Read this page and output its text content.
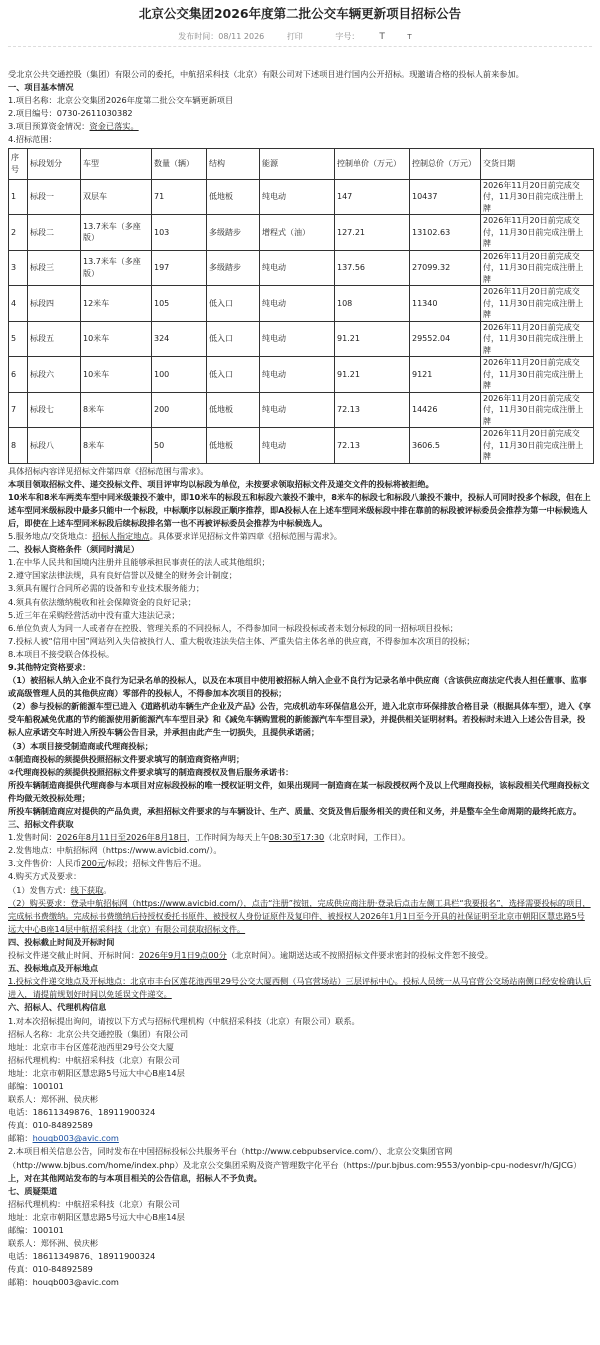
北京公交集团2026年度第二批公交车辆更新项目招标公告
发布时间：08/11 2026	打印	字号： T	T

受北京公共交通控股（集团）有限公司的委托，中航招采科技（北京）有限公司对下述项目进行国内公开招标。现邀请合格的投标人前来参加。

一、项目基本情况

1.项目名称：北京公交集团2026年度第二批公交车辆更新项目

2.项目编号：0730-2611030382

3.项目预算资金情况：资金已落实。

4.招标范围：

序号	标段划分	车型	数量（辆）	结构	能源	控制单价（万元）	控制总价（万元）	交货日期
1	标段一	双层车	71	低地板	纯电动	147	10437	2026年11月20日前完成交付，11月30日前完成注册上牌
2	标段二	13.7米车（多座版）	103	多级踏步	增程式（油）	127.21	13102.63	2026年11月20日前完成交付，11月30日前完成注册上牌
3	标段三	13.7米车（多座版）	197	多级踏步	纯电动	137.56	27099.32	2026年11月20日前完成交付，11月30日前完成注册上牌
4	标段四	12米车	105	低入口	纯电动	108	11340	2026年11月20日前完成交付，11月30日前完成注册上牌
5	标段五	10米车	324	低入口	纯电动	91.21	29552.04	2026年11月20日前完成交付，11月30日前完成注册上牌
6	标段六	10米车	100	低入口	纯电动	91.21	9121	2026年11月20日前完成交付，11月30日前完成注册上牌
7	标段七	8米车	200	低地板	纯电动	72.13	14426	2026年11月20日前完成交付，11月30日前完成注册上牌
8	标段八	8米车	50	低地板	纯电动	72.13	3606.5	2026年11月20日前完成交付，11月30日前完成注册上牌

具体招标内容详见招标文件第四章《招标范围与需求》。

本项目领取招标文件、递交投标文件、项目评审均以标段为单位，未按要求领取招标文件及递交文件的投标将被拒绝。

10米车和8米车两类车型中同米级兼投不兼中，即10米车的标段五和标段六兼投不兼中，8米车的标段七和标段八兼投不兼中，投标人可同时投多个标段，但在上述车型同米级标段中最多只能中一个标段，中标顺序以标段正顺序推荐，即A投标人在上述车型同米级标段中排在靠前的标段被评标委员会推荐为第一中标候选人后，即使在上述车型同米标段后续标段排名第一也不再被评标委员会推荐为中标候选人。

5.服务地点/交货地点：招标人指定地点。具体要求详见招标文件第四章《招标范围与需求》。

二、投标人资格条件（须同时满足）

1.在中华人民共和国境内注册并且能够承担民事责任的法人或其他组织；

2.遵守国家法律法规，具有良好信誉以及健全的财务会计制度；

3.须具有履行合同所必需的设备和专业技术服务能力；

4.须具有依法缴纳税收和社会保障资金的良好记录；

5.近三年在采购经营活动中没有重大违法记录；

6.单位负责人为同一人或者存在控股、管理关系的不同投标人，不得参加同一标段投标或者未划分标段的同一招标项目投标；

7.投标人被“信用中国”网站列入失信被执行人、重大税收违法失信主体、严重失信主体名单的供应商，不得参加本次项目的投标；

8.本项目不接受联合体投标。

9.其他特定资格要求：

（1）被招标人纳入企业不良行为记录名单的投标人，以及在本项目中使用被招标人纳入企业不良行为记录名单中供应商（含该供应商法定代表人担任董事、监事或高级管理人员的其他供应商）零部件的投标人，不得参加本次项目的投标；

（2）参与投标的新能源车型已进入《道路机动车辆生产企业及产品》公告，完成机动车环保信息公开，进入北京市环保排放合格目录（根据具体车型），进入《享受车船税减免优惠的节约能源使用新能源汽车车型目录》和《减免车辆购置税的新能源汽车车型目录》，并提供相关证明材料。若投标时未进入上述公告目录，投标人应承诺交车时进入所投车辆公告目录，并承担由此产生一切损失，且提供承诺函；

（3）本项目接受制造商或代理商投标；

①制造商投标的须提供投照招标文件要求填写的制造商资格声明；

②代理商投标的须提供投照招标文件要求填写的制造商授权及售后服务承诺书：

所投车辆制造商提供代理商参与本项目对应标段投标的唯一授权证明文件，如果出现同一制造商在某一标段授权两个及以上代理商投标，该标段相关代理商投标文件均做无效投标处理；

所投车辆制造商应对提供的产品负责，承担招标文件要求的与车辆设计、生产、质量、交货及售后服务相关的责任和义务，并是整车全生命周期的最终托底方。

三、招标文件获取

1.发售时间：2026年8月11日至2026年8月18日，工作时间为每天上午08:30至17:30（北京时间，工作日）。

2.发售地点：中航招标网（https://www.avicbid.com/）。

3.文件售价：人民币200元/标段；招标文件售后不退。

4.购买方式及要求：

（1）发售方式：线下获取。

（2）购买要求：登录中航招标网（https://www.avicbid.com/），点击“注册”按钮，完成供应商注册·登录后点击左侧工具栏“我要报名”，选择需要投标的项目，完成标书费缴纳。完成标书费缴纳后持授权委托书原件、被授权人身份证原件及复印件、被授权人2026年1月1日至今开具的社保证明至北京市朝阳区慧忠路5号远大中心B座14层中航招采科技（北京）有限公司获取招标文件。

四、投标截止时间及开标时间

投标文件递交截止时间、开标时间：2026年9月1日9点00分（北京时间）。逾期送达或不按照招标文件要求密封的投标文件恕不接受。

五、投标地点及开标地点

1.投标文件递交地点及开标地点：北京市丰台区莲花池西里29号公交大厦西侧（马官营场站）三层评标中心。投标人员统一从马官营公交场站南侧口经安检确认后进入，请提前规划好时间以免延误文件递交。

六、招标人、代理机构信息

1.对本次招标提出询问，请按以下方式与招标代理机构（中航招采科技（北京）有限公司）联系。

招标人名称：北京公共交通控股（集团）有限公司

地址：北京市丰台区莲花池西里29号公交大厦

招标代理机构：中航招采科技（北京）有限公司

地址：北京市朝阳区慧忠路5号远大中心B座14层

邮编：100101

联系人：郑怀洲、侯庆彬

电话：18611349876、18911900324

传真：010-84892589

邮箱：houqb003@avic.com

2.本项目相关信息公告，同时发布在中国招标投标公共服务平台（http://www.cebpubservice.com/）、北京公交集团官网（http://www.bjbus.com/home/index.php）及北京公交集团采购及资产管理数字化平台（https://pur.bjbus.com:9553/yonbip-cpu-nodesvr/h/GJCG）

上，对在其他网站发布的与本项目相关的公告信息，招标人不予负责。

七、质疑渠道

招标代理机构：中航招采科技（北京）有限公司

地址：北京市朝阳区慧忠路5号远大中心B座14层

邮编：100101

联系人：郑怀洲、侯庆彬

电话：18611349876、18911900324

传真：010-84892589

邮箱：houqb003@avic.com
